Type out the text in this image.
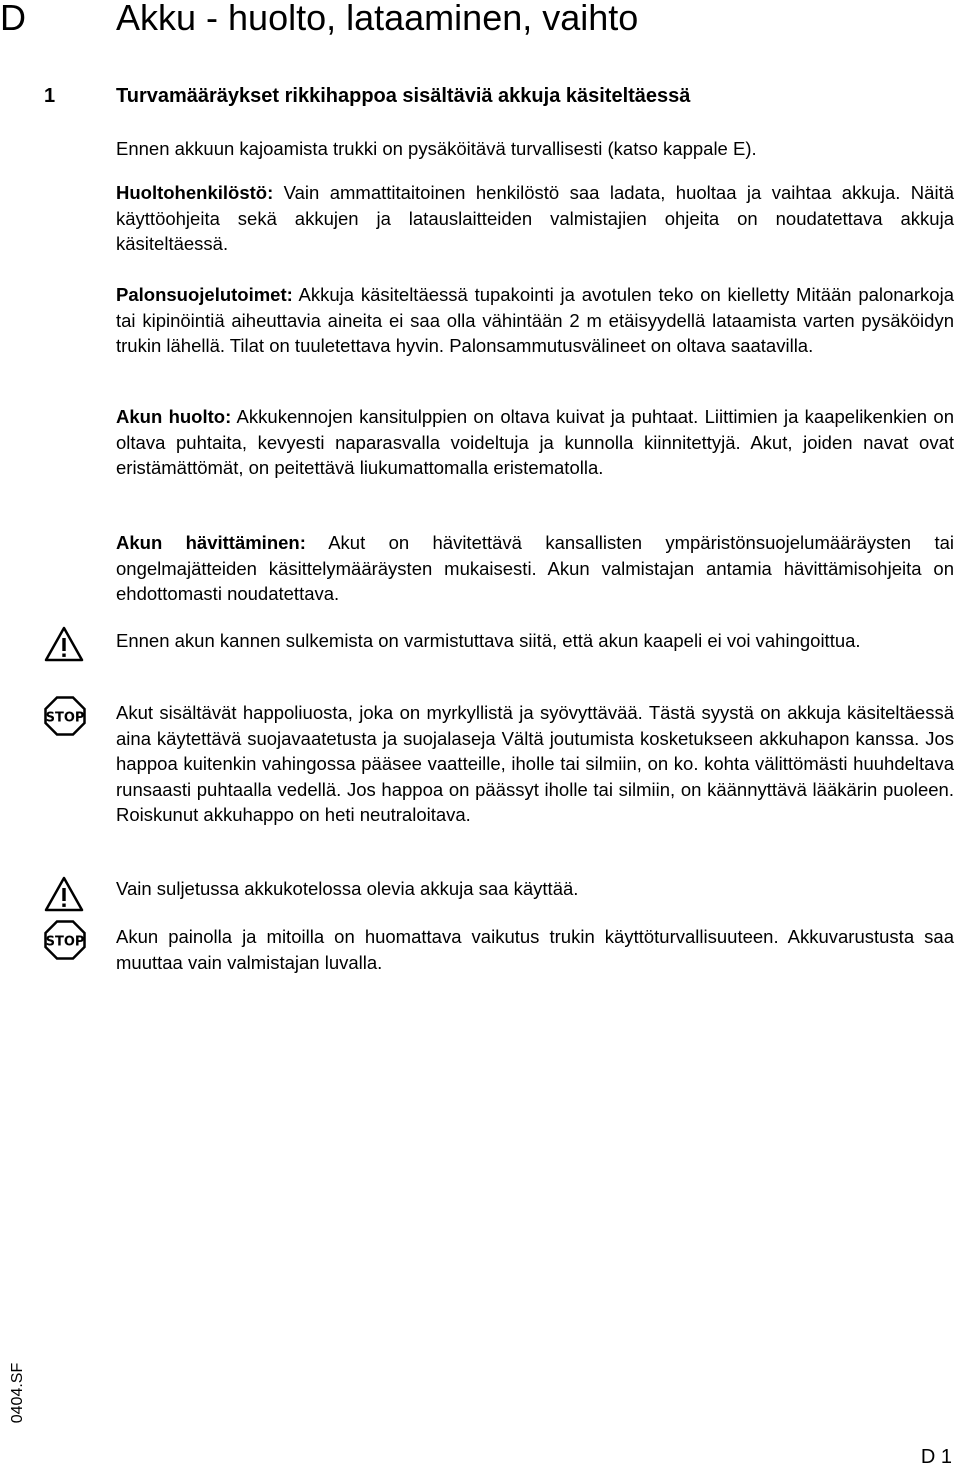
D	Akku - huolto, lataaminen, vaihto
1	Turvamääräykset rikkihappoa sisältäviä akkuja käsiteltäessä

Ennen akkuun kajoamista trukki on pysäköitävä turvallisesti (katso kappale E).

Huoltohenkilöstö: Vain ammattitaitoinen henkilöstö saa ladata, huoltaa ja vaihtaa akkuja. Näitä käyttöohjeita sekä akkujen ja latauslaitteiden valmistajien ohjeita on noudatettava akkuja käsiteltäessä.

Palonsuojelutoimet: Akkuja käsiteltäessä tupakointi ja avotulen teko on kielletty Mitään palonarkoja tai kipinöintiä aiheuttavia aineita ei saa olla vähintään 2 m etäisyydellä lataamista varten pysäköidyn trukin lähellä. Tilat on tuuletettava hyvin. Palonsammutusvälineet on oltava saatavilla.

Akun huolto: Akkukennojen kansitulppien on oltava kuivat ja puhtaat. Liittimien ja kaapelikenkien on oltava puhtaita, kevyesti naparasvalla voideltuja ja kunnolla kiinnitettyjä. Akut, joiden navat ovat eristämättömät, on peitettävä liukumattomalla eristematolla.

Akun hävittäminen: Akut on hävitettävä kansallisten ympäristönsuojelumääräysten tai ongelmajätteiden käsittelymääräysten mukaisesti. Akun valmistajan antamia hävittämisohjeita on ehdottomasti noudatettava.

Ennen akun kannen sulkemista on varmistuttava siitä, että akun kaapeli ei voi vahingoittua.

STOP Akut sisältävät happoliuosta, joka on myrkyllistä ja syövyttävää. Tästä syystä on akkuja käsiteltäessä aina käytettävä suojavaatetusta ja suojalaseja Vältä joutumista kosketukseen akkuhapon kanssa. Jos happoa kuitenkin vahingossa pääsee vaatteille, iholle tai silmiin, on ko. kohta välittömästi huuhdeltava runsaasti puhtaalla vedellä. Jos happoa on päässyt iholle tai silmiin, on käännyttävä lääkärin puoleen. Roiskunut akkuhappo on heti neutraloitava.

Vain suljetussa akkukotelossa olevia akkuja saa käyttää.

STOP Akun painolla ja mitoilla on huomattava vaikutus trukin käyttöturvallisuuteen. Akkuvarustusta saa muuttaa vain valmistajan luvalla.

0404.SF
D 1
